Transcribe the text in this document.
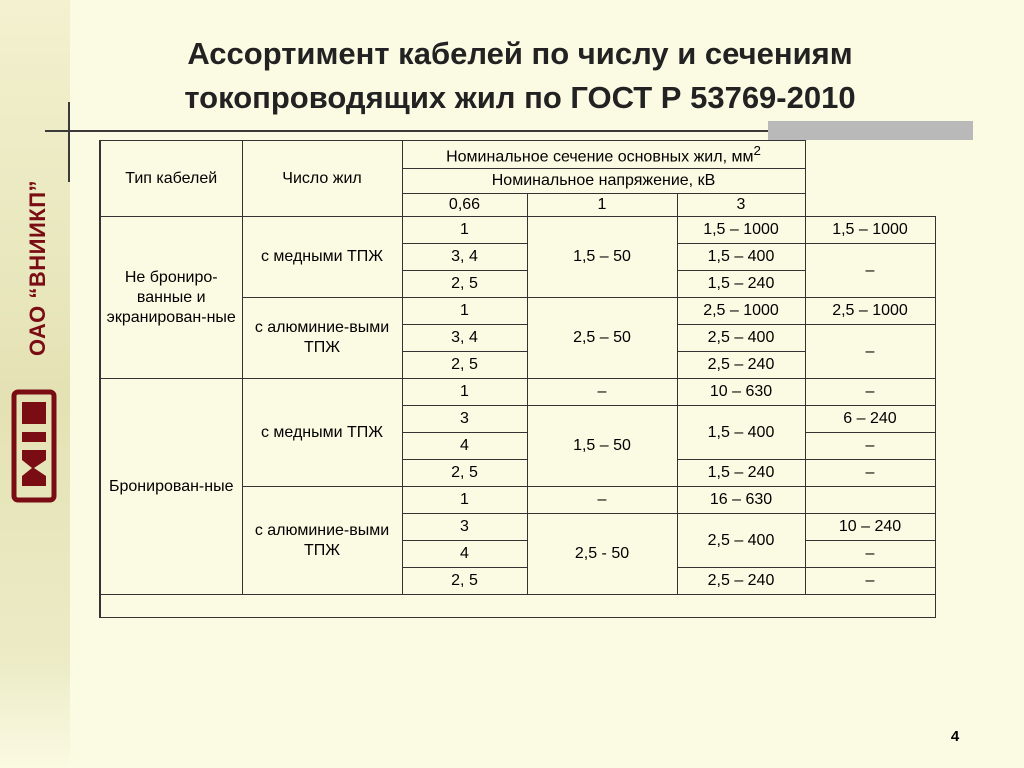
ОАО “ВНИИКП”
Ассортимент кабелей по числу и сечениям
токопроводящих жил по ГОСТ Р 53769-2010
Тип кабелей	Число жил	Номинальное сечение основных жил, $мм^2$
		Номинальное напряжение, кВ			
		0,66	1	3	
Не брониро-ванные и экранирован-ные	с медными ТПЖ	1	1,5 – 50	1,5 – 1000	1,5 – 1000
		3, 4		1,5 – 400	–
		2, 5		1,5 – 240	
	с алюминие-выми ТПЖ	1	2,5 – 50	2,5 – 1000	2,5 – 1000
		3, 4		2,5 – 400	–
		2, 5		2,5 – 240	
Бронирован-ные	с медными ТПЖ	1	–	10 – 630	–
		3	1,5 – 50	1,5 – 400	6 – 240
		4			–
		2, 5		1,5 – 240	–
	с алюминие-выми ТПЖ	1	–	16 – 630	
		3	2,5 - 50	2,5 – 400	10 – 240
		4			–
		2, 5		2,5 – 240	–

4
